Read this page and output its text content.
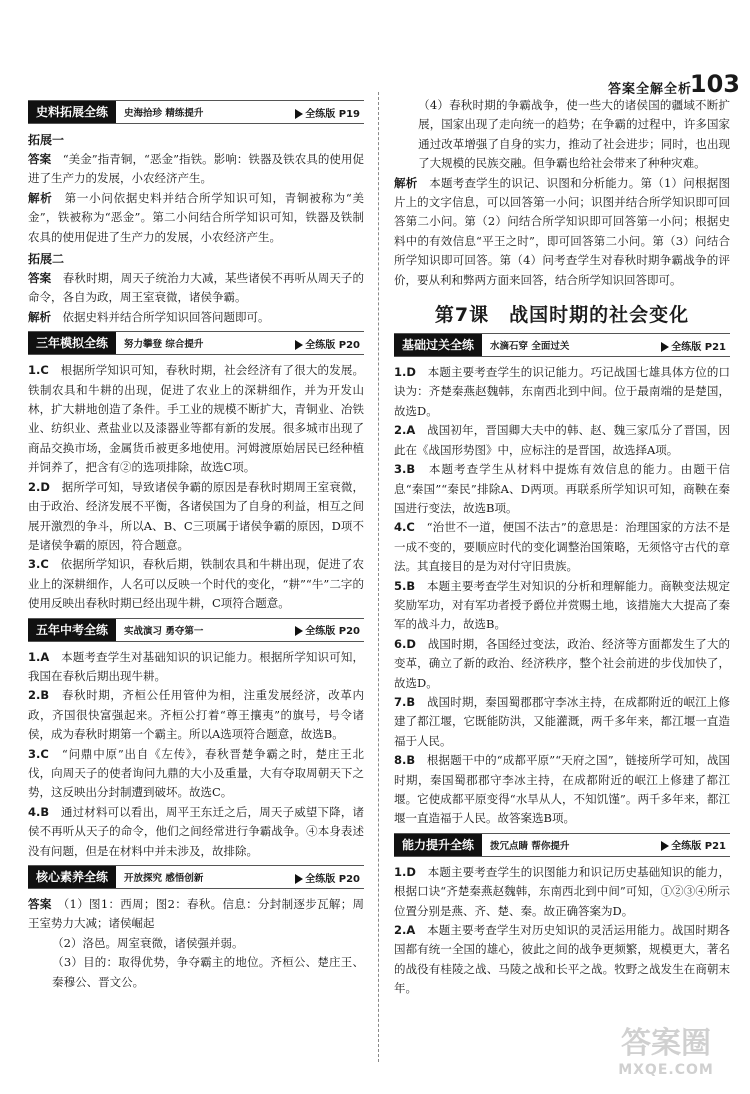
答案全解全析
103
史料拓展全练	史海拾珍 精练提升	全练版 P19
拓展一

答案　 “美金”指青铜，“恶金”指铁。影响：铁器及铁农具的使用促进了生产力的发展，小农经济产生。

解析　 第一小问依据史料并结合所学知识可知，青铜被称为“美金”，铁被称为“恶金”。第二小问结合所学知识可知，铁器及铁制农具的使用促进了生产力的发展，小农经济产生。

拓展二

答案　 春秋时期，周天子统治力大减，某些诸侯不再听从周天子的命令，各自为政，周王室衰微，诸侯争霸。

解析　 依据史料并结合所学知识回答问题即可。

三年模拟全练	努力攀登 综合提升	全练版 P20

1.C　 根据所学知识可知，春秋时期，社会经济有了很大的发展。铁制农具和牛耕的出现，促进了农业上的深耕细作，并为开发山林，扩大耕地创造了条件。手工业的规模不断扩大，青铜业、冶铁业、纺织业、煮盐业以及漆器业等都有新的发展。很多城市出现了商品交换市场，金属货币被更多地使用。河姆渡原始居民已经种植并饲养了，把含有②的选项排除，故选C项。

2.D　 据所学可知，导致诸侯争霸的原因是春秋时期周王室衰微，由于政治、经济发展不平衡，各诸侯国为了自身的利益，相互之间展开激烈的争斗，所以A、B、C三项属于诸侯争霸的原因，D项不是诸侯争霸的原因，符合题意。

3.C　 依据所学知识，春秋后期，铁制农具和牛耕出现，促进了农业上的深耕细作，人名可以反映一个时代的变化，“耕”“牛”二字的使用反映出春秋时期已经出现牛耕，C项符合题意。

五年中考全练	实战演习 勇夺第一	全练版 P20

1.A　 本题考查学生对基础知识的识记能力。根据所学知识可知，我国在春秋后期出现牛耕。

2.B　 春秋时期，齐桓公任用管仲为相，注重发展经济，改革内政，齐国很快富强起来。齐桓公打着“尊王攘夷”的旗号，号令诸侯，成为春秋时期第一个霸主。所以A选项符合题意，故选B。

3.C　 “问鼎中原”出自《左传》，春秋晋楚争霸之时，楚庄王北伐，向周天子的使者询问九鼎的大小及重量，大有夺取周朝天下之势，这反映出分封制遭到破坏。故选C。

4.B　 通过材料可以看出，周平王东迁之后，周天子威望下降，诸侯不再听从天子的命令，他们之间经常进行争霸战争。④本身表述没有问题，但是在材料中并未涉及，故排除。

核心素养全练	开放探究 感悟创新	全练版 P20

答案　 （1）图1：西周；图2：春秋。信息：分封制逐步瓦解；周王室势力大减；诸侯崛起

（2）洛邑。周室衰微，诸侯强并弱。

（3）目的：取得优势，争夺霸主的地位。齐桓公、楚庄王、秦穆公、晋文公。

（4）春秋时期的争霸战争，使一些大的诸侯国的疆域不断扩展，国家出现了走向统一的趋势；在争霸的过程中，许多国家通过改革增强了自身的实力，推动了社会进步；同时，也出现了大规模的民族交融。但争霸也给社会带来了种种灾难。

解析　 本题考查学生的识记、识图和分析能力。第（1）问根据图片上的文字信息，可以回答第一小问；识图并结合所学知识即可回答第二小问。第（2）问结合所学知识即可回答第一小问；根据史料中的有效信息“平王之时”，即可回答第二小问。第（3）问结合所学知识即可回答。第（4）问考查学生对春秋时期争霸战争的评价，要从利和弊两方面来回答，结合所学知识回答即可。

第7课　战国时期的社会变化
基础过关全练	水滴石穿 全面过关	全练版 P21

1.D　 本题主要考查学生的识记能力。巧记战国七雄具体方位的口诀为：齐楚秦燕赵魏韩，东南西北到中间。位于最南端的是楚国，故选D。

2.A　 战国初年，晋国卿大夫中的韩、赵、魏三家瓜分了晋国，因此在《战国形势图》中，应标注的是晋国，故选择A项。

3.B　 本题考查学生从材料中提炼有效信息的能力。由题干信息“秦国”“秦民”排除A、D两项。再联系所学知识可知，商鞅在秦国进行变法，故选B项。

4.C　 “治世不一道，便国不法古”的意思是：治理国家的方法不是一成不变的，要顺应时代的变化调整治国策略，无须恪守古代的章法。其直接目的是为对付守旧贵族。

5.B　 本题主要考查学生对知识的分析和理解能力。商鞅变法规定奖励军功，对有军功者授予爵位并赏赐土地，该措施大大提高了秦军的战斗力，故选B。

6.D　 战国时期，各国经过变法，政治、经济等方面都发生了大的变革，确立了新的政治、经济秩序，整个社会前进的步伐加快了，故选D。

7.B　 战国时期，秦国蜀郡郡守李冰主持，在成都附近的岷江上修建了都江堰，它既能防洪，又能灌溉，两千多年来，都江堰一直造福于人民。

8.B　 根据题干中的“成都平原”“天府之国”，链接所学可知，战国时期，秦国蜀郡郡守李冰主持，在成都附近的岷江上修建了都江堰。它使成都平原变得“水旱从人，不知饥馑”。两千多年来，都江堰一直造福于人民。故答案选B项。

能力提升全练	拨冗点睛 帮你提升	全练版 P21

1.D　 本题主要考查学生的识图能力和识记历史基础知识的能力，根据口诀“齐楚秦燕赵魏韩，东南西北到中间”可知，①②③④所示位置分别是燕、齐、楚、秦。故正确答案为D。

2.A　 本题主要考查学生对历史知识的灵活运用能力。战国时期各国都有统一全国的雄心，彼此之间的战争更频繁，规模更大，著名的战役有桂陵之战、马陵之战和长平之战。牧野之战发生在商朝末年。

答案圈
MXQE.COM
